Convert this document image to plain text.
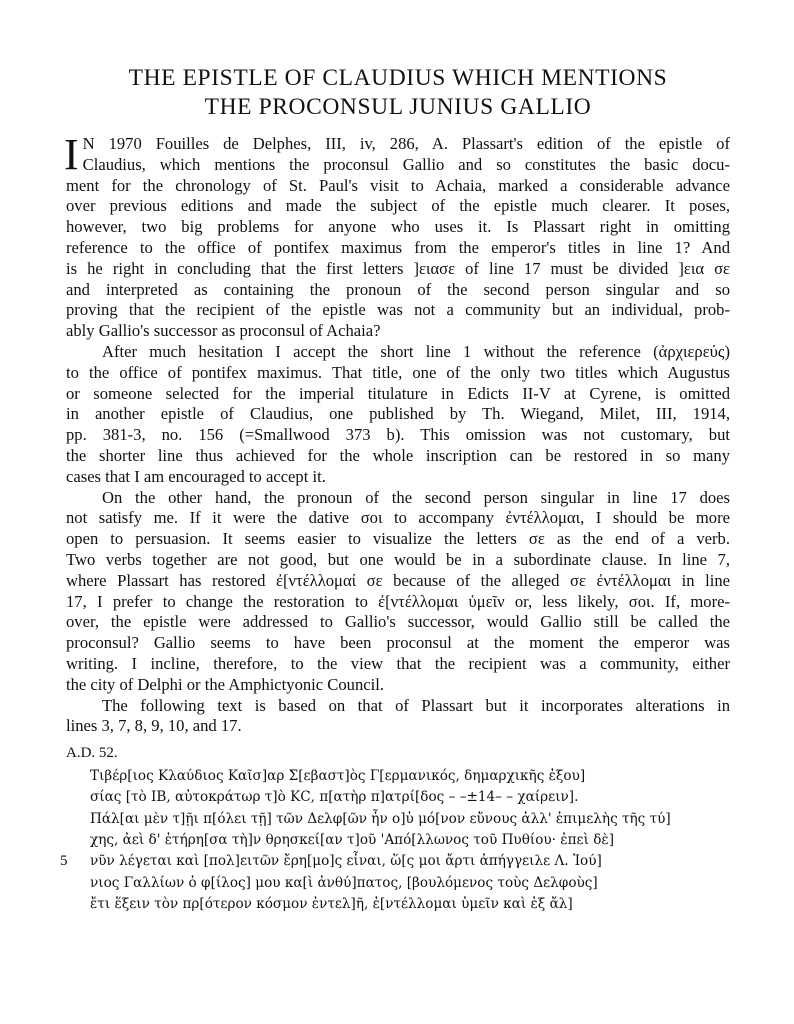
THE EPISTLE OF CLAUDIUS WHICH MENTIONS
THE PROCONSUL JUNIUS GALLIO
I N 1970 Fouilles de Delphes, III, iv, 286, A. Plassart's edition of the epistle of
Claudius, which mentions the proconsul Gallio and so constitutes the basic docu-
ment for the chronology of St. Paul's visit to Achaia, marked a considerable advance
over previous editions and made the subject of the epistle much clearer. It poses,
however, two big problems for anyone who uses it. Is Plassart right in omitting
reference to the office of pontifex maximus from the emperor's titles in line 1? And
is he right in concluding that the first letters ]ειασε of line 17 must be divided ]εια σε
and interpreted as containing the pronoun of the second person singular and so
proving that the recipient of the epistle was not a community but an individual, prob-
ably Gallio's successor as proconsul of Achaia?
After much hesitation I accept the short line 1 without the reference (ἀρχιερεύς)
to the office of pontifex maximus. That title, one of the only two titles which Augustus
or someone selected for the imperial titulature in Edicts II-V at Cyrene, is omitted
in another epistle of Claudius, one published by Th. Wiegand, Milet, III, 1914,
pp. 381-3, no. 156 (=Smallwood 373 b). This omission was not customary, but
the shorter line thus achieved for the whole inscription can be restored in so many
cases that I am encouraged to accept it.
On the other hand, the pronoun of the second person singular in line 17 does
not satisfy me. If it were the dative σοι to accompany ἐντέλλομαι, I should be more
open to persuasion. It seems easier to visualize the letters σε as the end of a verb.
Two verbs together are not good, but one would be in a subordinate clause. In line 7,
where Plassart has restored ἐ[ντέλλομαί σε because of the alleged σε ἐντέλλομαι in line
17, I prefer to change the restoration to ἐ[ντέλλομαι ὑμεῖν or, less likely, σοι. If, more-
over, the epistle were addressed to Gallio's successor, would Gallio still be called the
proconsul? Gallio seems to have been proconsul at the moment the emperor was
writing. I incline, therefore, to the view that the recipient was a community, either
the city of Delphi or the Amphictyonic Council.
The following text is based on that of Plassart but it incorporates alterations in
lines 3, 7, 8, 9, 10, and 17.
A.D. 52.
Τιβέρ[ιος Κλαύδιος Καῖσ]αρ Σ[εβαστ]ὸς Γ[ερμανικός, δημαρχικῆς ἐξου]
σίας [τὸ ΙΒ, αὐτοκράτωρ τ]ὸ ΚϹ, π[ατὴρ π]ατρί[δος – –±14– – χαίρειν].
Πάλ[αι μὲν τ]ῇι π[όλει τῇ] τῶν Δελφ[ῶν ἦν ο]ὐ μό[νον εὔνους ἀλλ' ἐπιμελὴς τῆς τύ]
χης, ἀεὶ δ' ἐτήρη[σα τὴ]ν θρησκεί[αν τ]οῦ 'Από[λλωνος τοῦ Πυθίου· ἐπεὶ δὲ]
5 νῦν λέγεται καὶ [πολ]ειτῶν ἔρη[μο]ς εἶναι, ὥ[ς μοι ἄρτι ἀπήγγειλε Λ. Ἰού]
νιος Γαλλίων ὁ φ[ίλος] μου κα[ὶ ἀνθύ]πατος, [βουλόμενος τοὺς Δελφοὺς]
ἔτι ἕξειν τὸν πρ[ότερον κόσμον ἐντελ]ῆ, ἐ[ντέλλομαι ὑμεῖν καὶ ἐξ ἄλ]
